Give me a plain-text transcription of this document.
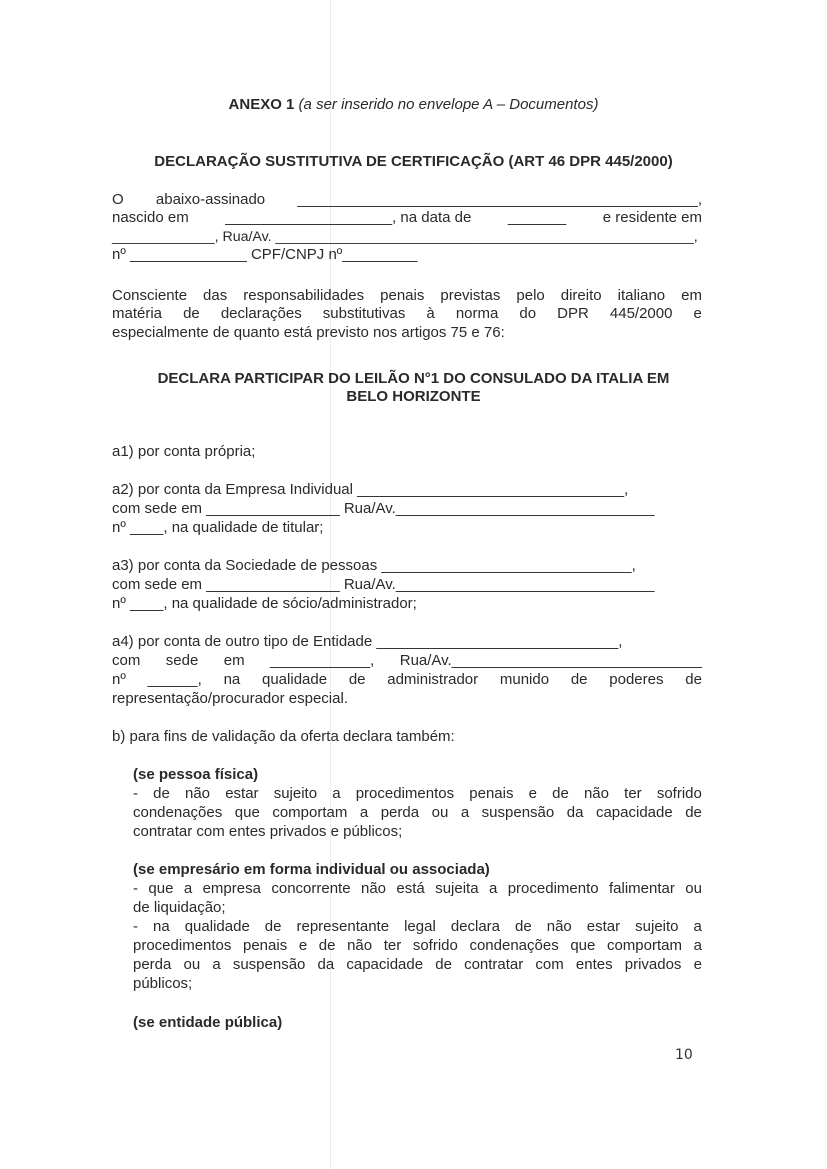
ANEXO 1 (a ser inserido no envelope A – Documentos)
DECLARAÇÃO SUSTITUTIVA DE CERTIFICAÇÃO (ART 46 DPR 445/2000)
O abaixo-assinado ________________________________________________,
nascido em ____________________, na data de _______ e residente em
_____________, Rua/Av. _____________________________________________________,
nº ______________ CPF/CNPJ nº_________
Consciente das responsabilidades penais previstas pelo direito italiano em
matéria de declarações substitutivas à norma do DPR 445/2000 e
especialmente de quanto está previsto nos artigos 75 e 76:
DECLARA PARTICIPAR DO LEILÃO N°1 DO CONSULADO DA ITALIA EM
BELO HORIZONTE
a1) por conta própria;
a2) por conta da Empresa Individual ________________________________,
com sede em ________________ Rua/Av._______________________________
nº ____, na qualidade de titular;
a3) por conta da Sociedade de pessoas ______________________________,
com sede em ________________ Rua/Av._______________________________
nº ____, na qualidade de sócio/administrador;
a4) por conta de outro tipo de Entidade _____________________________,
com sede em ____________, Rua/Av.______________________________
nº ______, na qualidade de administrador munido de poderes de
representação/procurador especial.
b) para fins de validação da oferta declara também:
(se pessoa física)
- de não estar sujeito a procedimentos penais e de não ter sofrido
condenações que comportam a perda ou a suspensão da capacidade de
contratar com entes privados e públicos;
(se empresário em forma individual ou associada)
- que a empresa concorrente não está sujeita a procedimento falimentar ou
de liquidação;
- na qualidade de representante legal declara de não estar sujeito a
procedimentos penais e de não ter sofrido condenações que comportam a
perda ou a suspensão da capacidade de contratar com entes privados e
públicos;
(se entidade pública)
10
